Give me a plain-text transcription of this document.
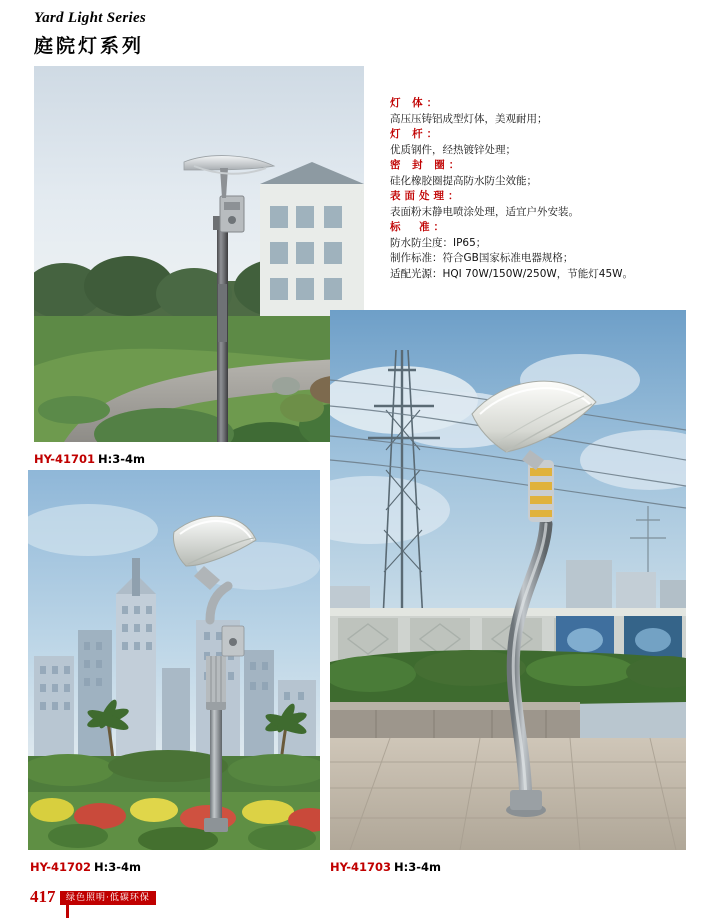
Yard Light Series
庭院灯系列
灯 体：
高压压铸铝成型灯体，美观耐用；
灯 杆：
优质钢件，经热镀锌处理；
密 封 圈：
硅化橡胶圈提高防水防尘效能；
表面处理：
表面粉末静电喷涂处理，适宜户外安装。
标　准：
防水防尘度：IP65；
制作标准：符合GB国家标准电器规格；
适配光源：HQI 70W/150W/250W，节能灯45W。
HY-41701 H:3-4m
HY-41703 H:3-4m
HY-41702 H:3-4m
417	绿色照明·低碳环保
